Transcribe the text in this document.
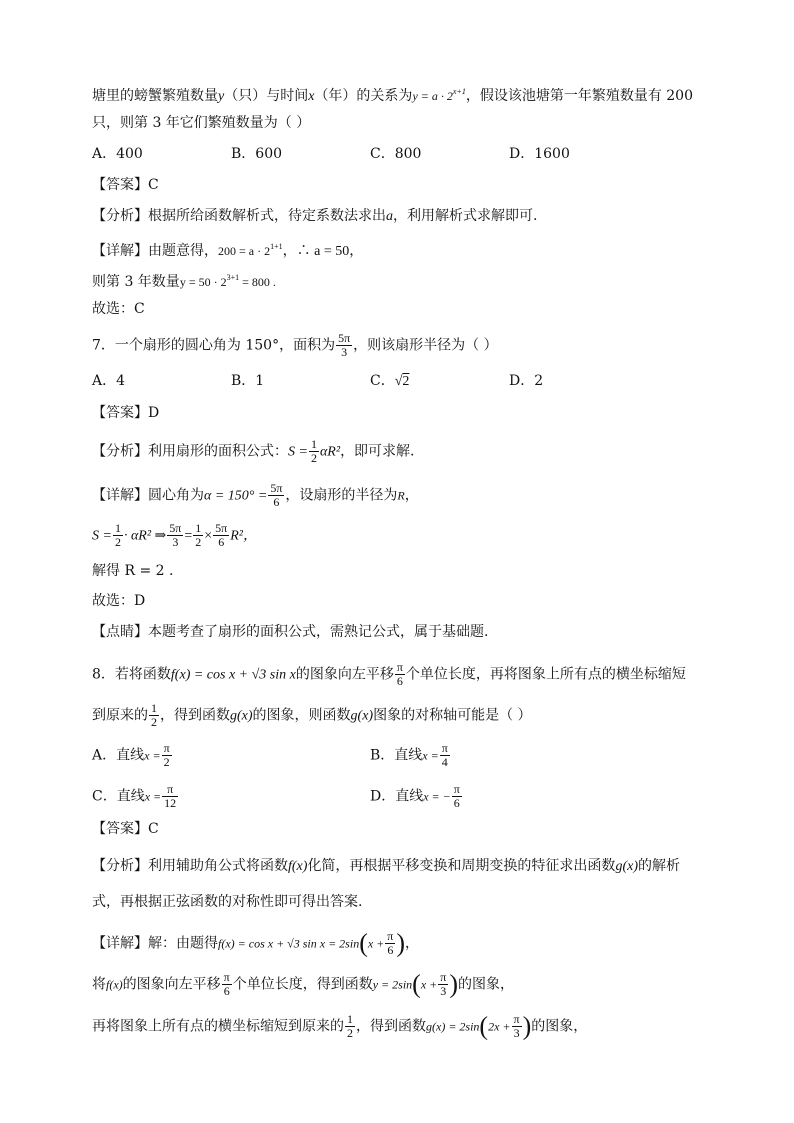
塘里的螃蟹繁殖数量y（只）与时间x（年）的关系为$y = a \cdot 2^{x+1}$，假设该池塘第一年繁殖数量有 200
只，则第 3 年它们繁殖数量为（ ）
A．400	B．600	C．800	D．1600
【答案】C
【分析】根据所给函数解析式，待定系数法求出a，利用解析式求解即可.
【详解】由题意得，$200 = a \cdot 2^{1+1}$，∴ a = 50，
则第 3 年数量$y = 50 \cdot 2^{3+1} = 800$ .
故选：C
7．一个扇形的圆心角为 150°，面积为 $\frac{5\pi}{3}$ ，则该扇形半径为（ ）
A．4	B．1	C．√2	D．2
【答案】D
【分析】利用扇形的面积公式：$S = \frac{1}{2} \alpha R^2$，即可求解.
【详解】圆心角为$\alpha = 150^\circ = \frac{5\pi}{6}$ ，设扇形的半径为R，
$S = \frac{1}{2} \cdot \alpha R^2$ ⇒ $\frac{5\pi}{3} = \frac{1}{2} \times \frac{5\pi}{6} R^2$，
解得 R = 2 .
故选：D
【点睛】本题考查了扇形的面积公式，需熟记公式，属于基础题.
8．若将函数f(x) = cos x + √3 sin x的图象向左平移 $\frac{\pi}{6}$ 个单位长度，再将图象上所有点的横坐标缩短
到原来的 $\frac{1}{2}$ ，得到函数g(x)的图象，则函数g(x)图象的对称轴可能是（ ）
A．直线$x = \frac{\pi}{2}$	B．直线$x = \frac{\pi}{4}$
C．直线$x = \frac{\pi}{12}$	D．直线x = − $\frac{\pi}{6}$
【答案】C
【分析】利用辅助角公式将函数f(x)化简，再根据平移变换和周期变换的特征求出函数g(x)的解析
式，再根据正弦函数的对称性即可得出答案.
【详解】解：由题得f(x) = cos x + √3 $\sin x = 2\sin(x + \frac{\pi}{6}$ )，
将f(x)的图象向左平移 $\frac{\pi}{6}$ 个单位长度，得到函数$y = 2\sin(x + \frac{\pi}{3}$ )的图象，
再将图象上所有点的横坐标缩短到原来的 $\frac{1}{2}$ ，得到函数$g(x) = 2\sin(2x + \frac{\pi}{3}$ )的图象，
